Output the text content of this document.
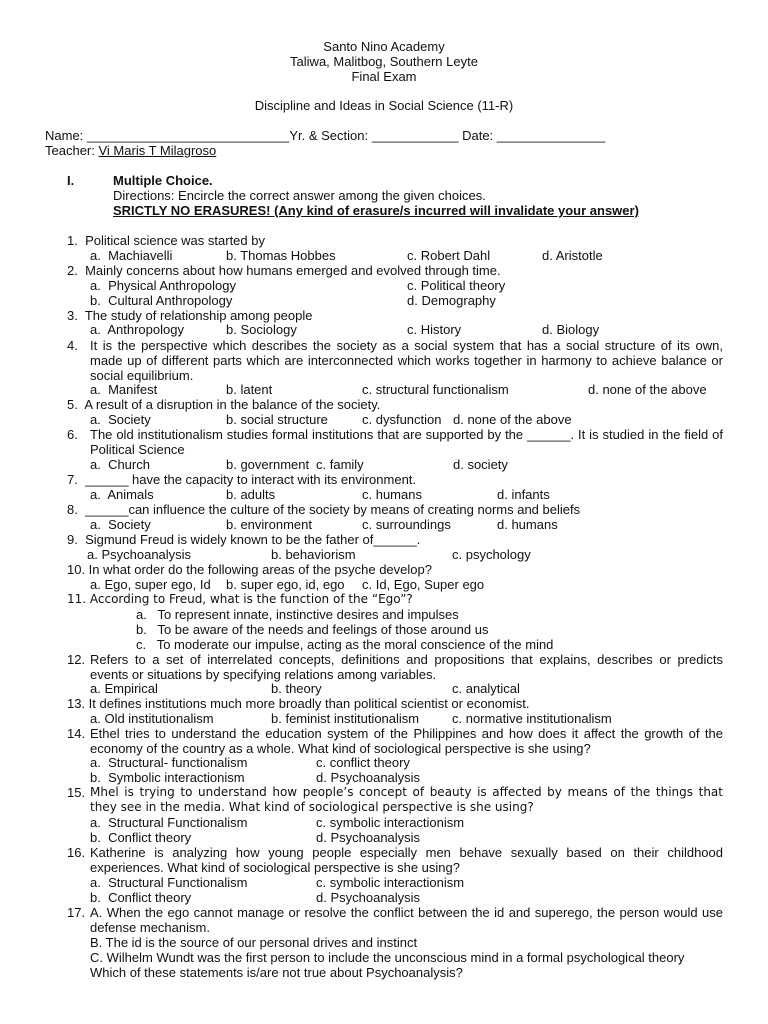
Santo Nino Academy
Taliwa, Malitbog, Southern Leyte
Final Exam
Discipline and Ideas in Social Science (11-R)
Name: ____________________________Yr. & Section: ____________ Date: _______________
Teacher: Vi Maris T Milagroso
I.	Multiple Choice.
Directions: Encircle the correct answer among the given choices.
SRICTLY NO ERASURES! (Any kind of erasure/s incurred will invalidate your answer)
1.  Political science was started by
a.  Machiavelli	b. Thomas Hobbes	c. Robert Dahl	d. Aristotle
2.  Mainly concerns about how humans emerged and evolved through time.
a.  Physical Anthropology	c. Political theory
b.  Cultural Anthropology	d. Demography
3.  The study of relationship among people
a.  Anthropology	b. Sociology	c. History	d. Biology
4. It is the perspective which describes the society as a social system that has a social structure of its own, made up of different parts which are interconnected which works together in harmony to achieve balance or social equilibrium.
a.  Manifest	b. latent	c. structural functionalism	d. none of the above
5.  A result of a disruption in the balance of the society.
a.  Society	b. social structure	c. dysfunction d. none of the above
6. The old institutionalism studies formal institutions that are supported by the ______. It is studied in the field of Political Science
a.  Church	b. government c. family	d. society
7.  ______ have the capacity to interact with its environment.
a.  Animals	b. adults	c. humans	d. infants
8.  ______can influence the culture of the society by means of creating norms and beliefs
a.  Society	b. environment	c. surroundings	d. humans
9.  Sigmund Freud is widely known to be the father of______.
a. Psychoanalysis	b. behaviorism	c. psychology
10. In what order do the following areas of the psyche develop?
a. Ego, super ego, Id b. super ego, id, ego c. Id, Ego, Super ego
11. According to Freud, what is the function of the “Ego”?
a.   To represent innate, instinctive desires and impulses
b.   To be aware of the needs and feelings of those around us
c.   To moderate our impulse, acting as the moral conscience of the mind
12. Refers to a set of interrelated concepts, definitions and propositions that explains, describes or predicts events or situations by specifying relations among variables.
a. Empirical	b. theory	c. analytical
13. It defines institutions much more broadly than political scientist or economist.
a. Old institutionalism	b. feminist institutionalism	c. normative institutionalism
14. Ethel tries to understand the education system of the Philippines and how does it affect the growth of the economy of the country as a whole. What kind of sociological perspective is she using?
a.  Structural- functionalism	c. conflict theory
b.  Symbolic interactionism	d. Psychoanalysis
15. Mhel is trying to understand how people’s concept of beauty is affected by means of the things that they see in the media. What kind of sociological perspective is she using?
a.  Structural Functionalism	c. symbolic interactionism
b.  Conflict theory	d. Psychoanalysis
16. Katherine is analyzing how young people especially men behave sexually based on their childhood experiences. What kind of sociological perspective is she using?
a.  Structural Functionalism	c. symbolic interactionism
b.  Conflict theory	d. Psychoanalysis
17. A. When the ego cannot manage or resolve the conflict between the id and superego, the person would use defense mechanism.
B. The id is the source of our personal drives and instinct
C. Wilhelm Wundt was the first person to include the unconscious mind in a formal psychological theory
Which of these statements is/are not true about Psychoanalysis?
